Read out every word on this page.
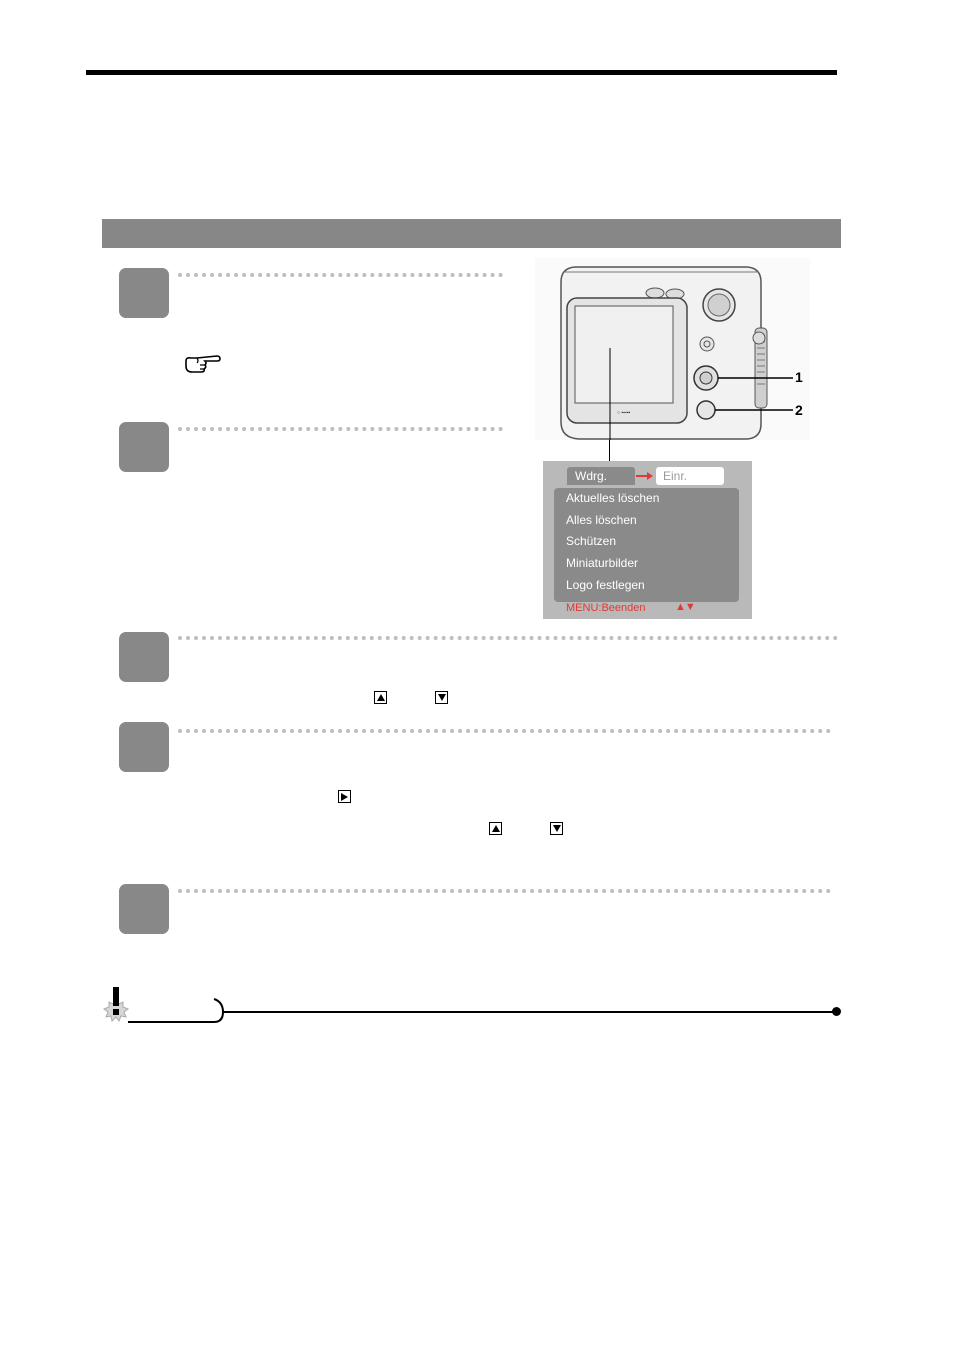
○ ▪▪▪▪▪
1
2
Wdrg.	Einr.
Aktuelles löschen
Alles löschen
Schützen
Miniaturbilder
Logo festlegen
MENU:Beenden	▲▼
